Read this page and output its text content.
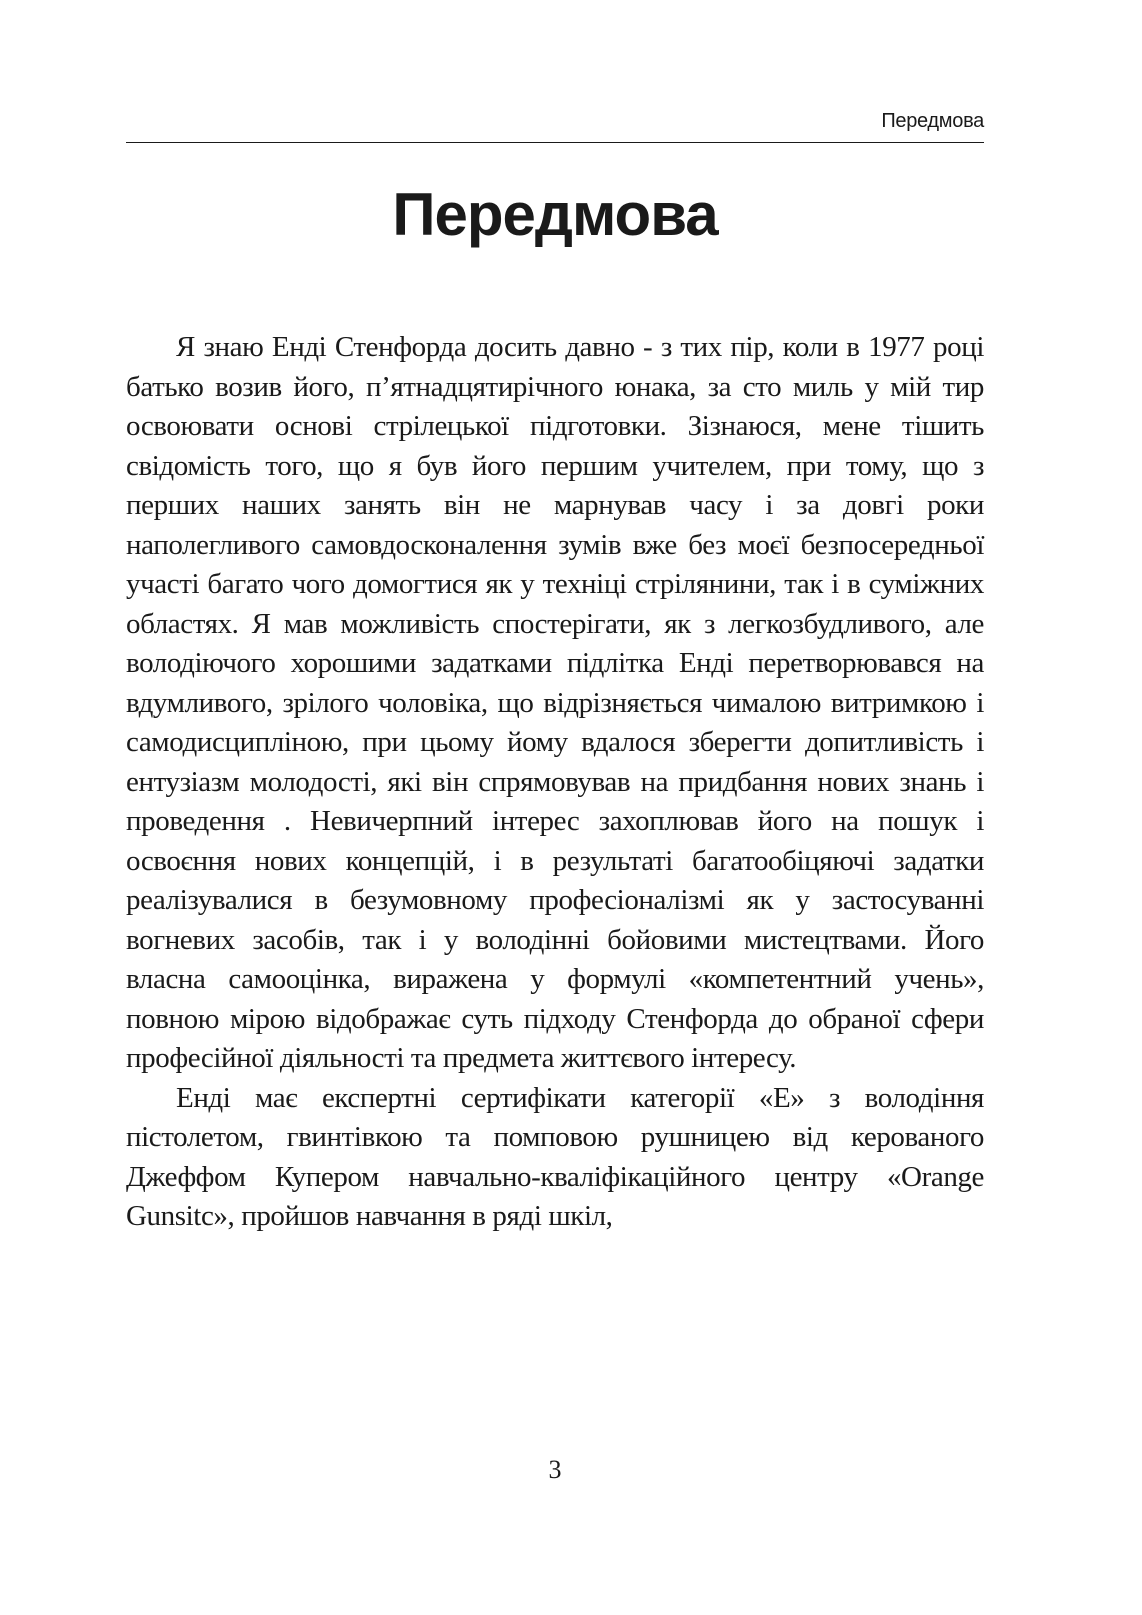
Передмова
Передмова

Я знаю Енді Стенфорда досить давно - з тих пір, коли в 1977 році батько возив його, п’ятнадцятирічного юнака, за сто миль у мій тир освоювати основі стрілецької підготовки. Зізнаюся, мене тішить свідомість того, що я був його першим учителем, при тому, що з перших наших занять він не марнував часу і за довгі роки наполегливого самовдосконалення зумів вже без моєї безпосередньої участі багато чого домогтися як у техніці стрілянини, так і в суміжних областях. Я мав можливість спостерігати, як з легкозбудливого, але володіючого хорошими задатками підлітка Енді перетворювався на вдумливого, зрілого чоловіка, що відрізняється чималою витримкою і самодисципліною, при цьому йому вдалося зберегти допитливість і ентузіазм молодості, які він спрямовував на придбання нових знань і проведення . Невичерпний інтерес захоплював його на пошук і освоєння нових концепцій, і в результаті багатообіцяючі задатки реалізувалися в безумовному професіоналізмі як у застосуванні вогневих засобів, так і у володінні бойовими мистецтвами. Його власна самооцінка, виражена у формулі «компетентний учень», повною мірою відображає суть підходу Стенфорда до обраної сфери професійної діяльності та предмета життєвого інтересу.

Енді має експертні сертифікати категорії «Е» з володіння пістолетом, гвинтівкою та помповою рушницею від керованого Джеффом Купером навчально-кваліфікаційного центру «Orange Gunsitc», пройшов навчання в ряді шкіл,

3
